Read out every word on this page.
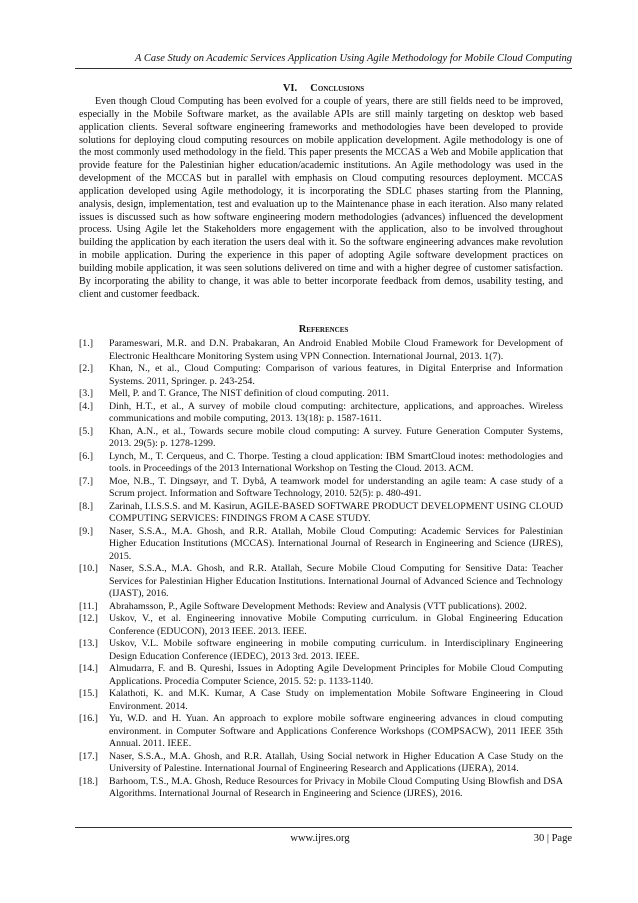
A Case Study on Academic Services Application Using Agile Methodology for Mobile Cloud Computing
VI. Conclusions

Even though Cloud Computing has been evolved for a couple of years, there are still fields need to be improved, especially in the Mobile Software market, as the available APIs are still mainly targeting on desktop web based application clients. Several software engineering frameworks and methodologies have been developed to provide solutions for deploying cloud computing resources on mobile application development. Agile methodology is one of the most commonly used methodology in the field. This paper presents the MCCAS a Web and Mobile application that provide feature for the Palestinian higher education/academic institutions. An Agile methodology was used in the development of the MCCAS but in parallel with emphasis on Cloud computing resources deployment. MCCAS application developed using Agile methodology, it is incorporating the SDLC phases starting from the Planning, analysis, design, implementation, test and evaluation up to the Maintenance phase in each iteration. Also many related issues is discussed such as how software engineering modern methodologies (advances) influenced the development process. Using Agile let the Stakeholders more engagement with the application, also to be involved throughout building the application by each iteration the users deal with it. So the software engineering advances make revolution in mobile application. During the experience in this paper of adopting Agile software development practices on building mobile application, it was seen solutions delivered on time and with a higher degree of customer satisfaction. By incorporating the ability to change, it was able to better incorporate feedback from demos, usability testing, and client and customer feedback.

References
[1.]	Parameswari, M.R. and D.N. Prabakaran, An Android Enabled Mobile Cloud Framework for Development of Electronic Healthcare Monitoring System using VPN Connection. International Journal, 2013. 1(7).
[2.]	Khan, N., et al., Cloud Computing: Comparison of various features, in Digital Enterprise and Information Systems. 2011, Springer. p. 243-254.
[3.]	Mell, P. and T. Grance, The NIST definition of cloud computing. 2011.
[4.]	Dinh, H.T., et al., A survey of mobile cloud computing: architecture, applications, and approaches. Wireless communications and mobile computing, 2013. 13(18): p. 1587-1611.
[5.]	Khan, A.N., et al., Towards secure mobile cloud computing: A survey. Future Generation Computer Systems, 2013. 29(5): p. 1278-1299.
[6.]	Lynch, M., T. Cerqueus, and C. Thorpe. Testing a cloud application: IBM SmartCloud inotes: methodologies and tools. in Proceedings of the 2013 International Workshop on Testing the Cloud. 2013. ACM.
[7.]	Moe, N.B., T. Dingsøyr, and T. Dybå, A teamwork model for understanding an agile team: A case study of a Scrum project. Information and Software Technology, 2010. 52(5): p. 480-491.
[8.]	Zarinah, I.I.S.S.S. and M. Kasirun, AGILE-BASED SOFTWARE PRODUCT DEVELOPMENT USING CLOUD COMPUTING SERVICES: FINDINGS FROM A CASE STUDY.
[9.]	Naser, S.S.A., M.A. Ghosh, and R.R. Atallah, Mobile Cloud Computing: Academic Services for Palestinian Higher Education Institutions (MCCAS). International Journal of Research in Engineering and Science (IJRES), 2015.
[10.]	Naser, S.S.A., M.A. Ghosh, and R.R. Atallah, Secure Mobile Cloud Computing for Sensitive Data: Teacher Services for Palestinian Higher Education Institutions. International Journal of Advanced Science and Technology (IJAST), 2016.
[11.]	Abrahamsson, P., Agile Software Development Methods: Review and Analysis (VTT publications). 2002.
[12.]	Uskov, V., et al. Engineering innovative Mobile Computing curriculum. in Global Engineering Education Conference (EDUCON), 2013 IEEE. 2013. IEEE.
[13.]	Uskov, V.L. Mobile software engineering in mobile computing curriculum. in Interdisciplinary Engineering Design Education Conference (IEDEC), 2013 3rd. 2013. IEEE.
[14.]	Almudarra, F. and B. Qureshi, Issues in Adopting Agile Development Principles for Mobile Cloud Computing Applications. Procedia Computer Science, 2015. 52: p. 1133-1140.
[15.]	Kalathoti, K. and M.K. Kumar, A Case Study on implementation Mobile Software Engineering in Cloud Environment. 2014.
[16.]	Yu, W.D. and H. Yuan. An approach to explore mobile software engineering advances in cloud computing environment. in Computer Software and Applications Conference Workshops (COMPSACW), 2011 IEEE 35th Annual. 2011. IEEE.
[17.]	Naser, S.S.A., M.A. Ghosh, and R.R. Atallah, Using Social network in Higher Education A Case Study on the University of Palestine. International Journal of Engineering Research and Applications (IJERA), 2014.
[18.]	Barhoom, T.S., M.A. Ghosh, Reduce Resources for Privacy in Mobile Cloud Computing Using Blowfish and DSA Algorithms. International Journal of Research in Engineering and Science (IJRES), 2016.
www.ijres.org	30 | Page
